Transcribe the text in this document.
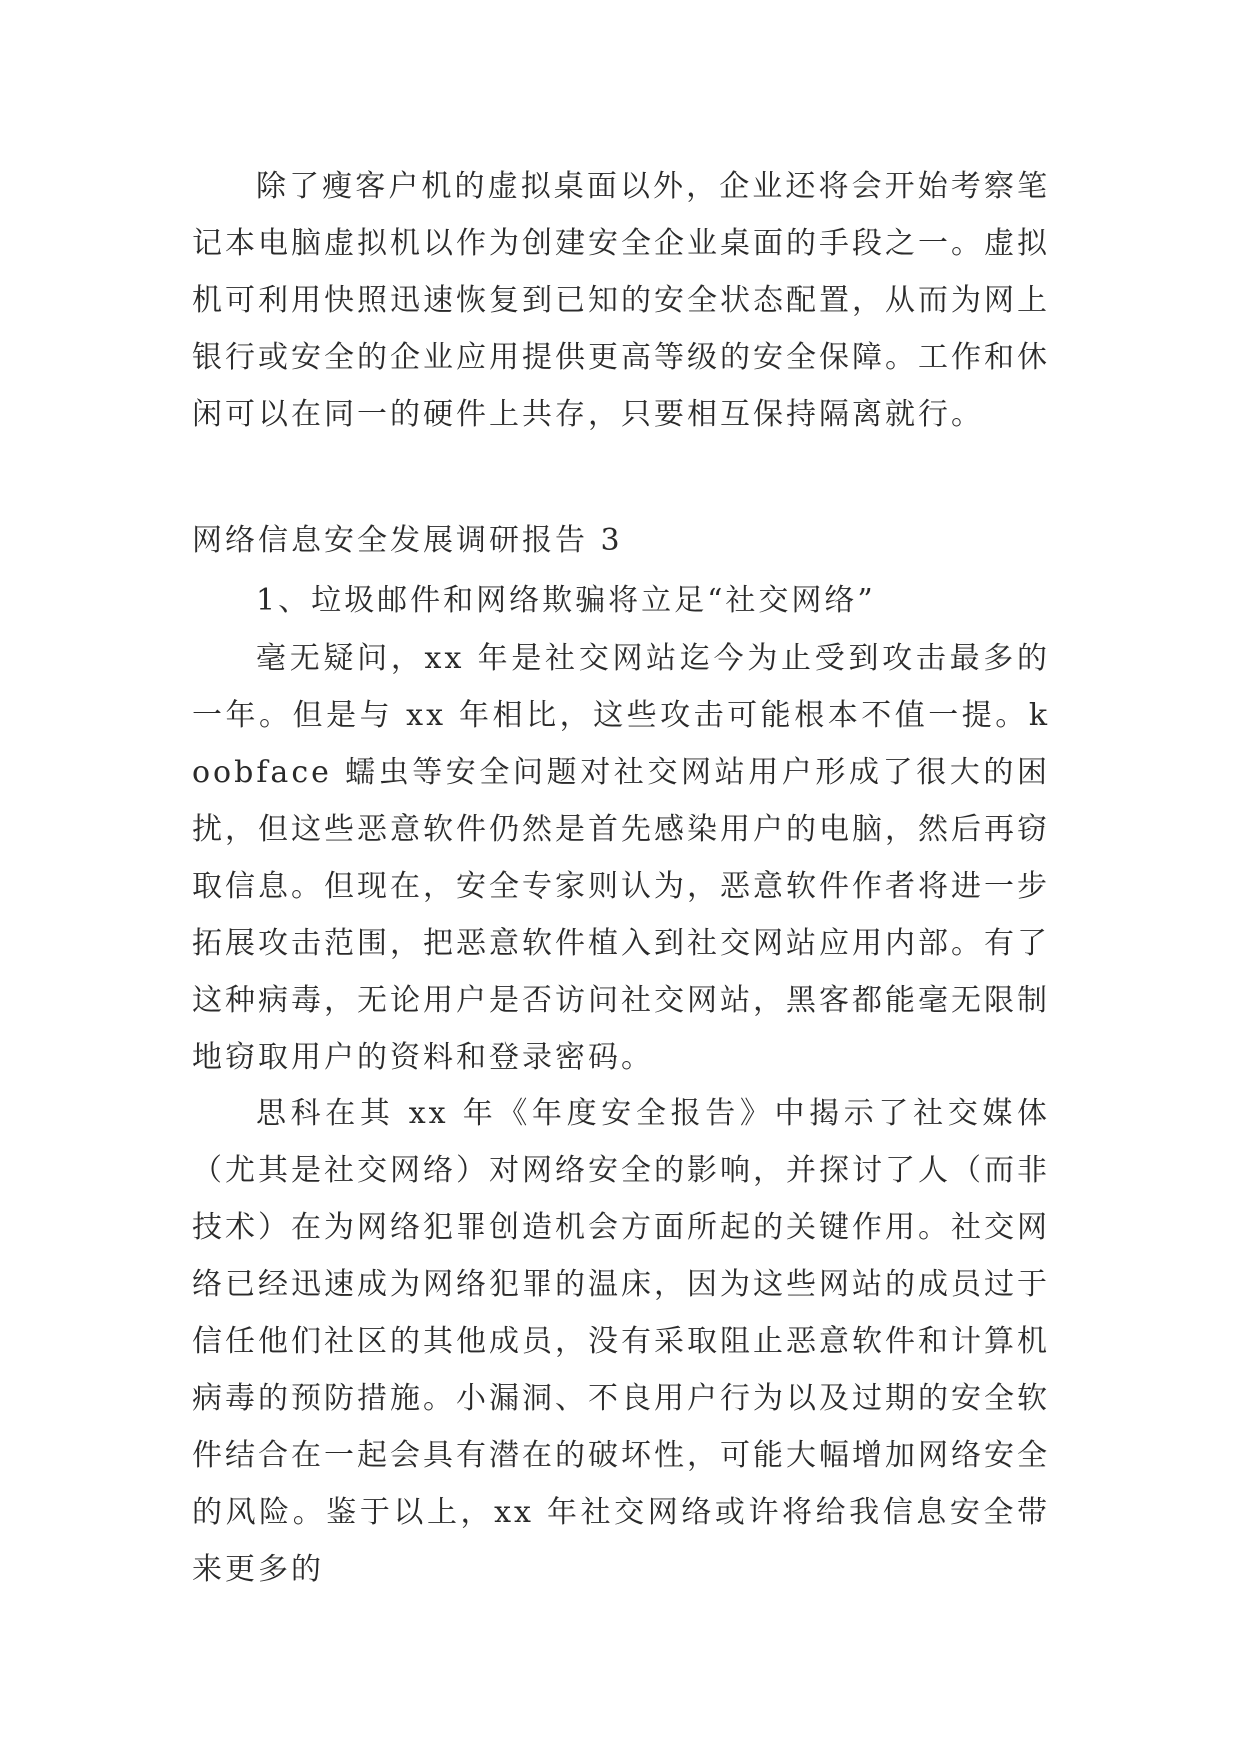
除了瘦客户机的虚拟桌面以外，企业还将会开始考察笔记本电脑虚拟机以作为创建安全企业桌面的手段之一。虚拟机可利用快照迅速恢复到已知的安全状态配置，从而为网上银行或安全的企业应用提供更高等级的安全保障。工作和休闲可以在同一的硬件上共存，只要相互保持隔离就行。

网络信息安全发展调研报告 3

1、垃圾邮件和网络欺骗将立足“社交网络”

毫无疑问，xx 年是社交网站迄今为止受到攻击最多的一年。但是与 xx 年相比，这些攻击可能根本不值一提。koobface 蠕虫等安全问题对社交网站用户形成了很大的困扰，但这些恶意软件仍然是首先感染用户的电脑，然后再窃取信息。但现在，安全专家则认为，恶意软件作者将进一步拓展攻击范围，把恶意软件植入到社交网站应用内部。有了这种病毒，无论用户是否访问社交网站，黑客都能毫无限制地窃取用户的资料和登录密码。

思科在其 xx 年《年度安全报告》中揭示了社交媒体（尤其是社交网络）对网络安全的影响，并探讨了人（而非技术）在为网络犯罪创造机会方面所起的关键作用。社交网络已经迅速成为网络犯罪的温床，因为这些网站的成员过于信任他们社区的其他成员，没有采取阻止恶意软件和计算机病毒的预防措施。小漏洞、不良用户行为以及过期的安全软件结合在一起会具有潜在的破坏性，可能大幅增加网络安全的风险。鉴于以上，xx 年社交网络或许将给我信息安全带来更多的
